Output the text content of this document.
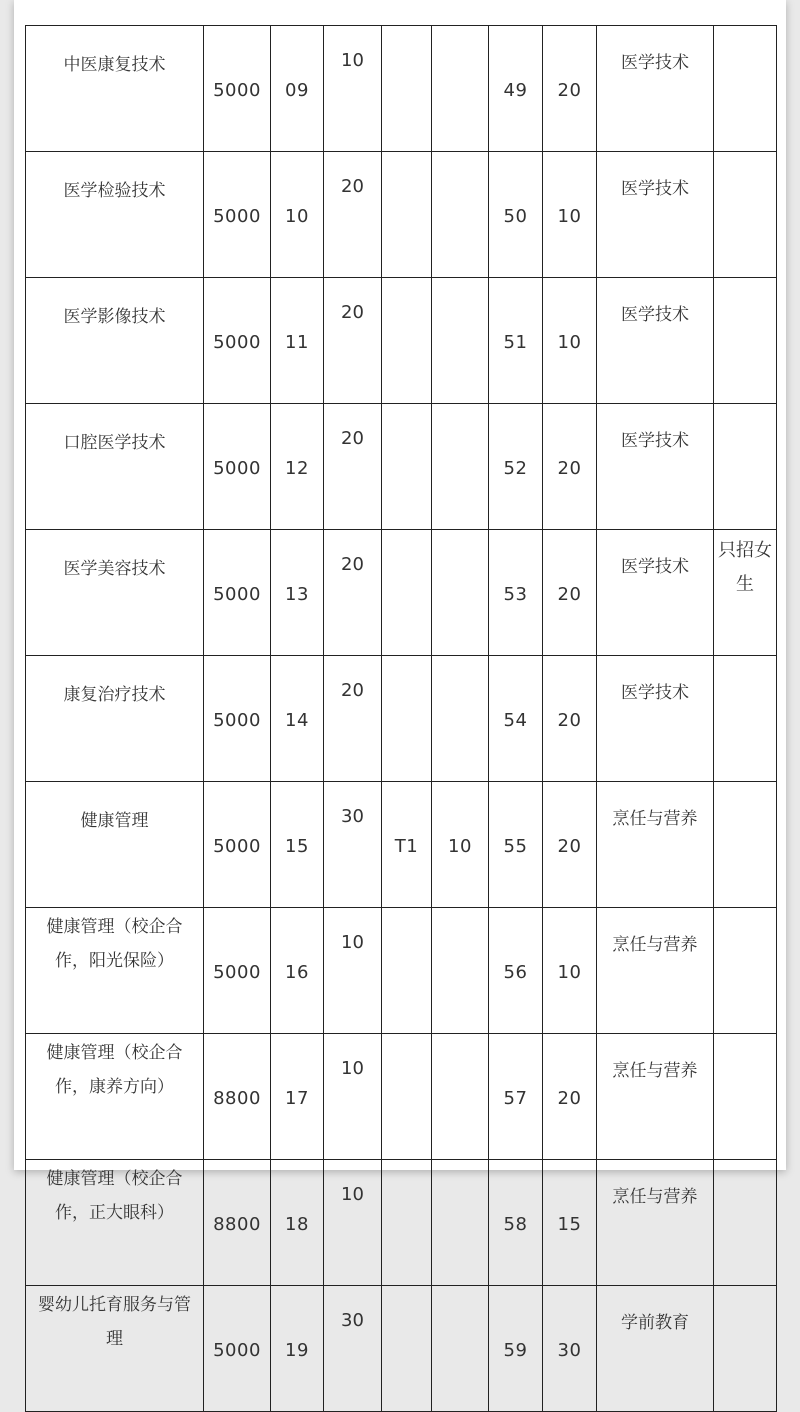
中医康复技术	5000	09	10			49	20	医学技术	
医学检验技术	5000	10	20			50	10	医学技术	
医学影像技术	5000	11	20			51	10	医学技术	
口腔医学技术	5000	12	20			52	20	医学技术	
医学美容技术	5000	13	20			53	20	医学技术	只招女生
康复治疗技术	5000	14	20			54	20	医学技术	
健康管理	5000	15	30	T1	10	55	20	烹任与营养	
健康管理（校企合作，阳光保险）	5000	16	10			56	10	烹任与营养	
健康管理（校企合作，康养方向）	8800	17	10			57	20	烹任与营养	
健康管理（校企合作，正大眼科）	8800	18	10			58	15	烹任与营养	
婴幼儿托育服务与管理	5000	19	30			59	30	学前教育	
